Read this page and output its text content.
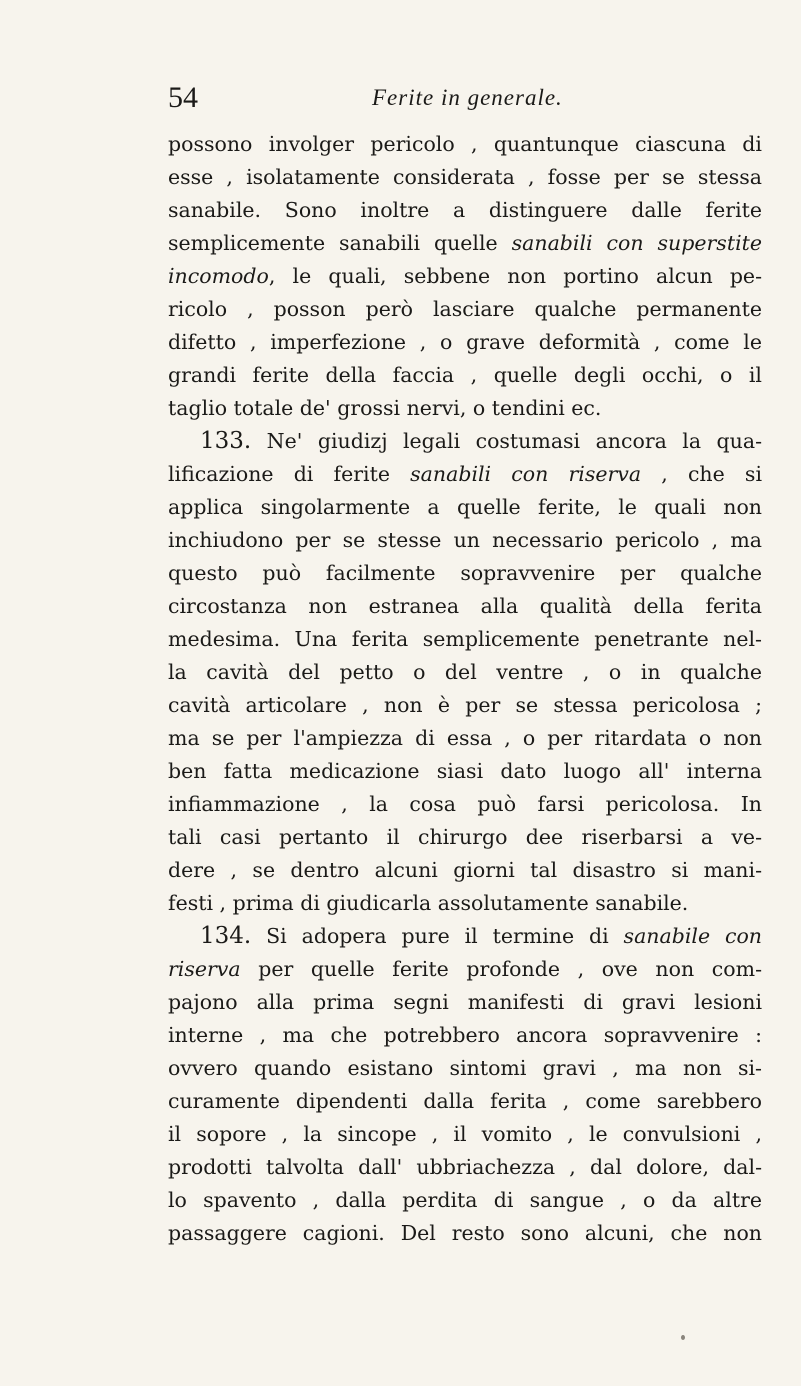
54	Ferite in generale.
possono involger pericolo , quantunque ciascuna di
esse , isolatamente considerata , fosse per se stessa
sanabile. Sono inoltre a distinguere dalle ferite
semplicemente sanabili quelle sanabili con superstite
incomodo, le quali, sebbene non portino alcun pe-
ricolo , posson però lasciare qualche permanente
difetto , imperfezione , o grave deformità , come le
grandi ferite della faccia , quelle degli occhi, o il
taglio totale de' grossi nervi, o tendini ec.
133. Ne' giudizj legali costumasi ancora la qua-
lificazione di ferite sanabili con riserva , che si
applica singolarmente a quelle ferite, le quali non
inchiudono per se stesse un necessario pericolo , ma
questo può facilmente sopravvenire per qualche
circostanza non estranea alla qualità della ferita
medesima. Una ferita semplicemente penetrante nel-
la cavità del petto o del ventre , o in qualche
cavità articolare , non è per se stessa pericolosa ;
ma se per l'ampiezza di essa , o per ritardata o non
ben fatta medicazione siasi dato luogo all' interna
infiammazione , la cosa può farsi pericolosa. In
tali casi pertanto il chirurgo dee riserbarsi a ve-
dere , se dentro alcuni giorni tal disastro si mani-
festi , prima di giudicarla assolutamente sanabile.
134. Si adopera pure il termine di sanabile con
riserva per quelle ferite profonde , ove non com-
pajono alla prima segni manifesti di gravi lesioni
interne , ma che potrebbero ancora sopravvenire :
ovvero quando esistano sintomi gravi , ma non si-
curamente dipendenti dalla ferita , come sarebbero
il sopore , la sincope , il vomito , le convulsioni ,
prodotti talvolta dall' ubbriachezza , dal dolore, dal-
lo spavento , dalla perdita di sangue , o da altre
passaggere cagioni. Del resto sono alcuni, che non
